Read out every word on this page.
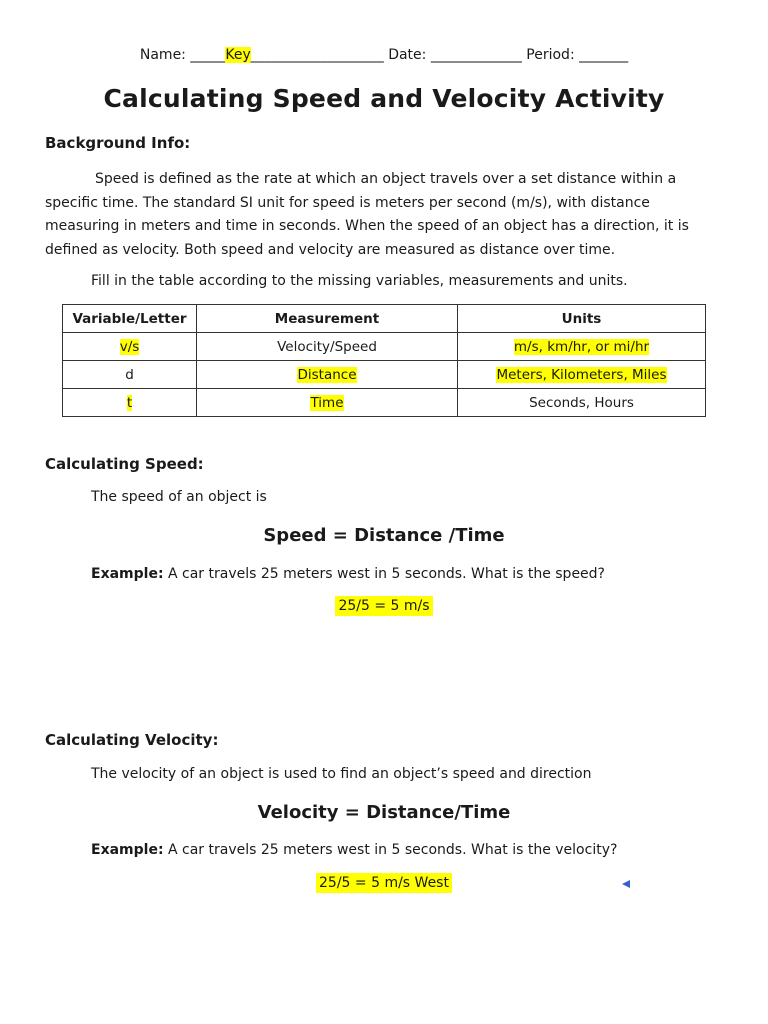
Name: _____Key___________________ Date: _____________ Period: _______
Calculating Speed and Velocity Activity
Background Info:
Speed is defined as the rate at which an object travels over a set distance within a specific time. The standard SI unit for speed is meters per second (m/s), with distance measuring in meters and time in seconds. When the speed of an object has a direction, it is defined as velocity. Both speed and velocity are measured as distance over time.
Fill in the table according to the missing variables, measurements and units.
Variable/Letter	Measurement	Units
v/s	Velocity/Speed	m/s, km/hr, or mi/hr
d	Distance	Meters, Kilometers, Miles
t	Time	Seconds, Hours
Calculating Speed:
The speed of an object is
Speed = Distance /Time
Example: A car travels 25 meters west in 5 seconds. What is the speed?
25/5 = 5 m/s
Calculating Velocity:
The velocity of an object is used to find an object’s speed and direction
Velocity = Distance/Time
Example: A car travels 25 meters west in 5 seconds. What is the velocity?
25/5 = 5 m/s West
